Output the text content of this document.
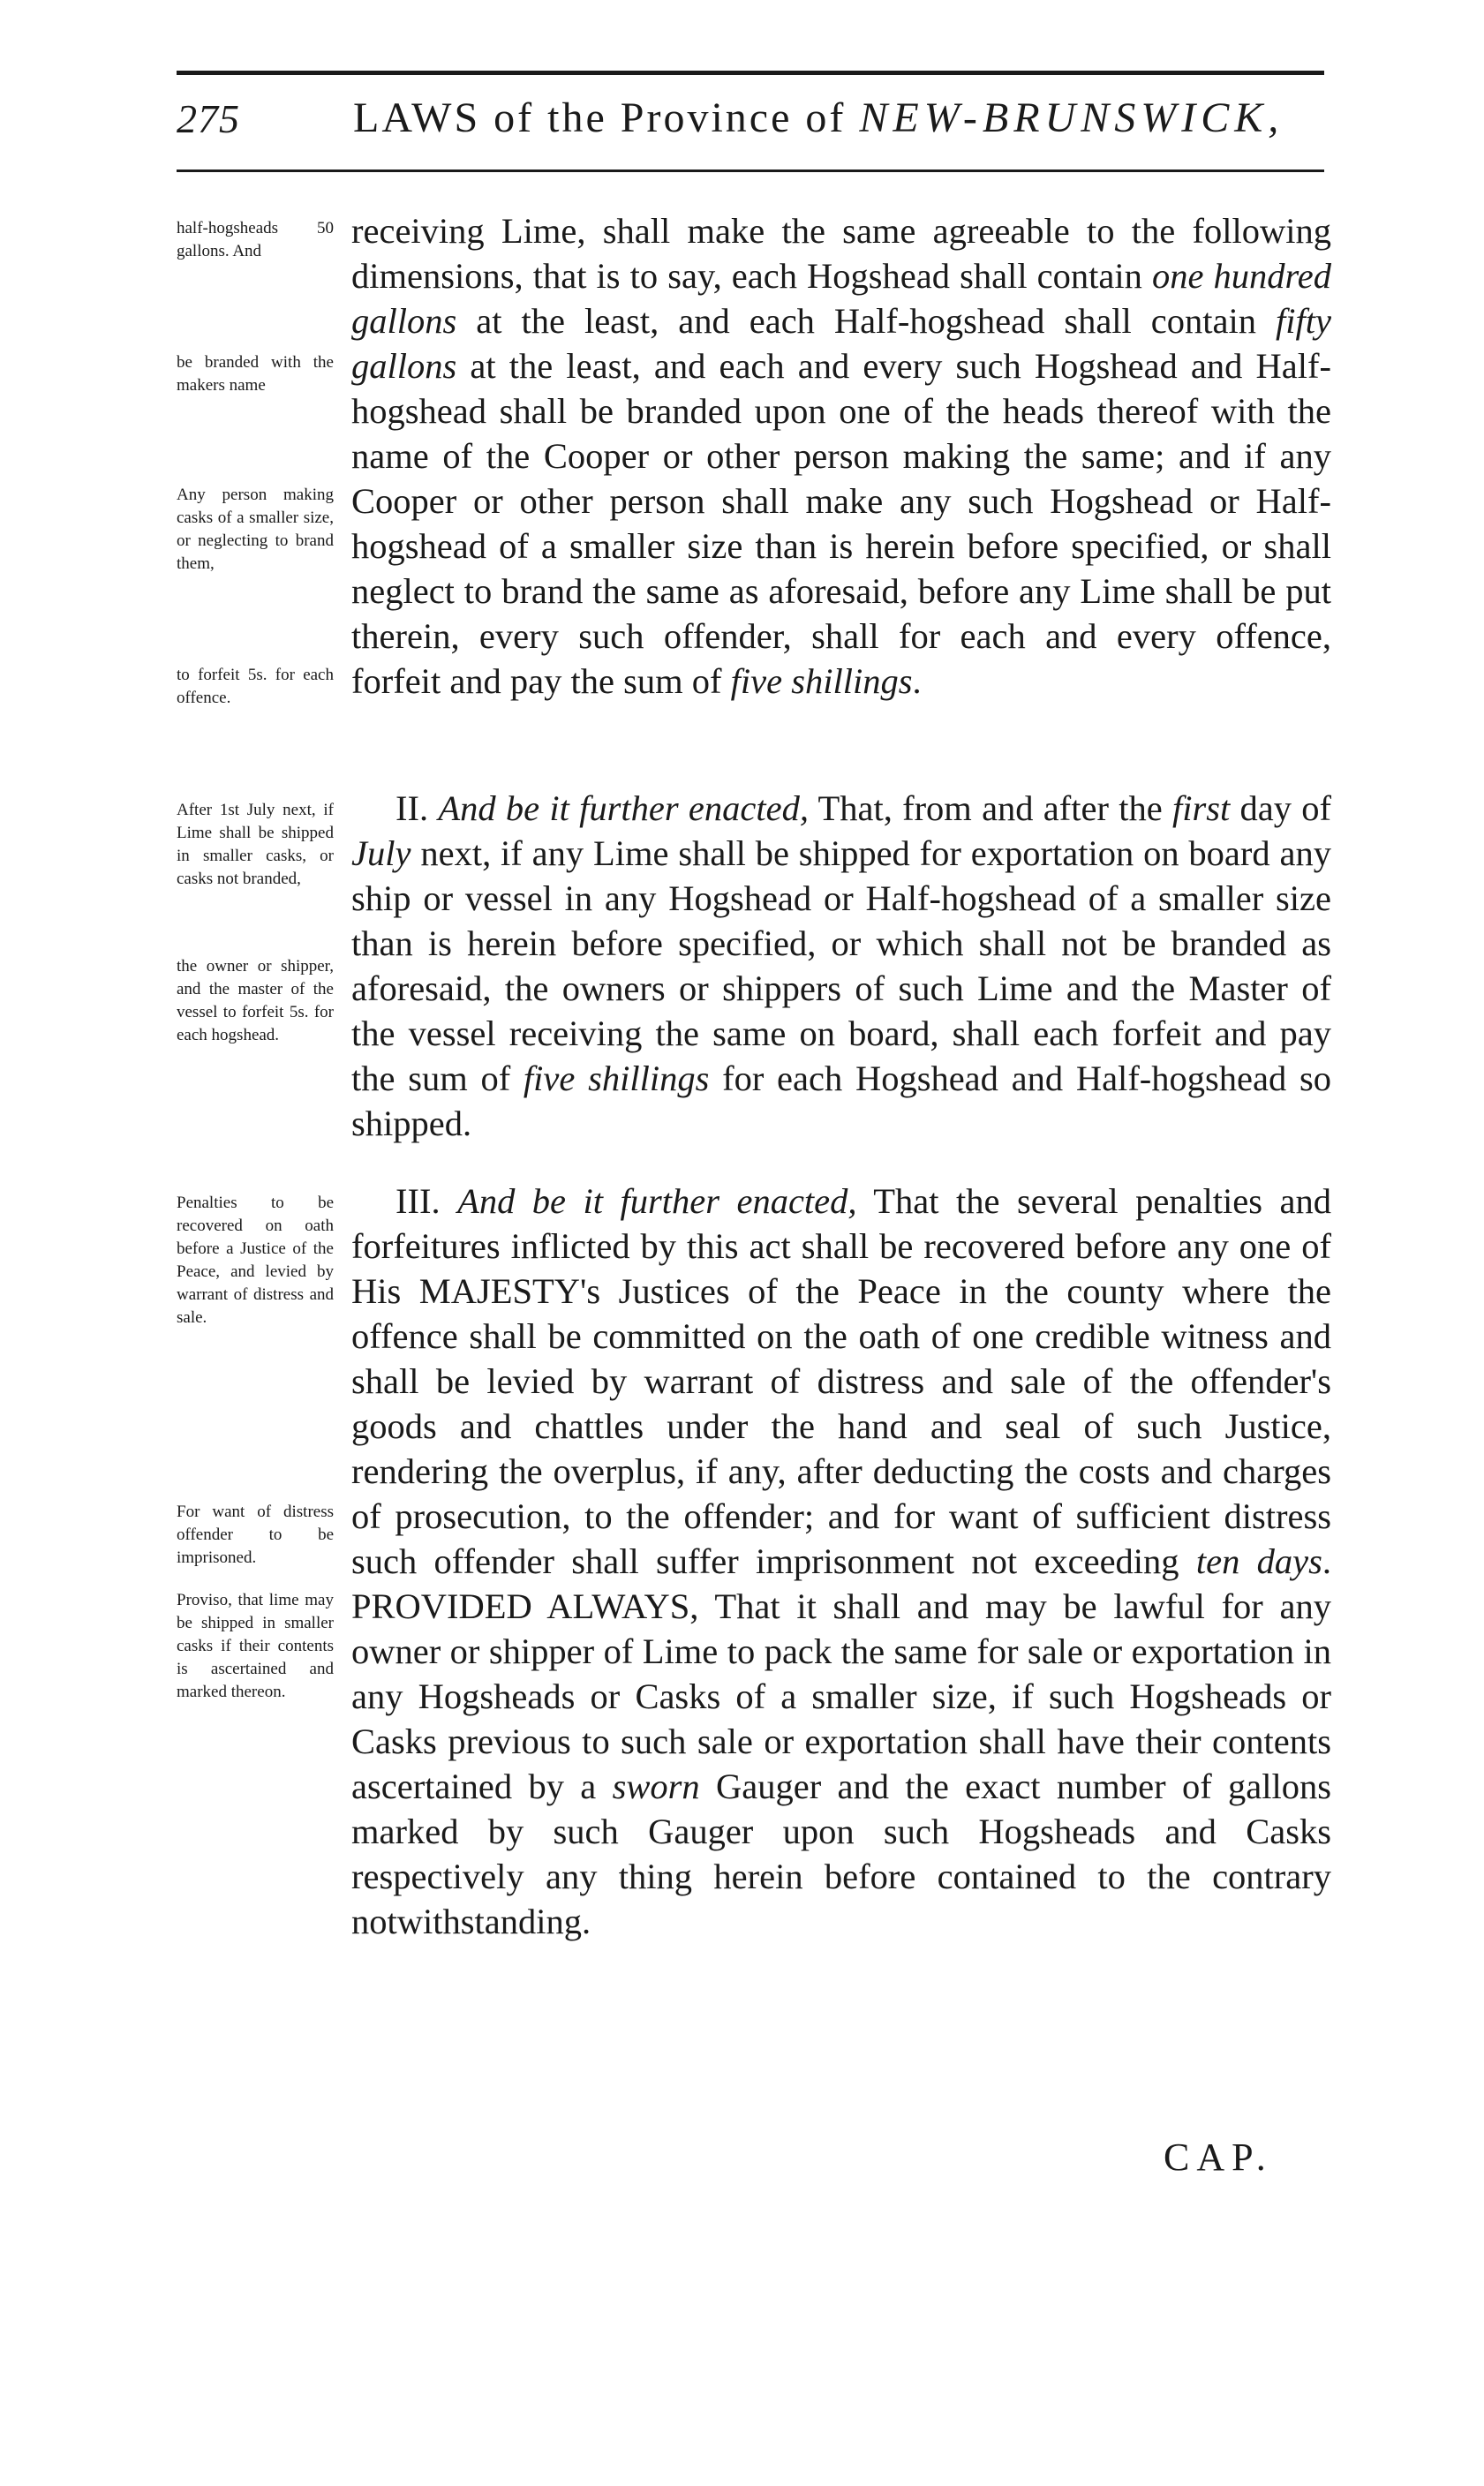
275	LAWS of the Province of NEW-BRUNSWICK,
half-hogsheads 50 gallons. And
be branded with the makers name
Any person making casks of a smaller size, or neglecting to brand them,
to forfeit 5s. for each offence.
After 1st July next, if Lime shall be shipped in smaller casks, or casks not branded,
the owner or shipper, and the master of the vessel to forfeit 5s. for each hogshead.
Penalties to be recovered on oath before a Justice of the Peace, and levied by warrant of distress and sale.
For want of distress offender to be imprisoned.
Proviso, that lime may be shipped in smaller casks if their contents is ascertained and marked thereon.
receiving Lime, shall make the same agreeable to the following dimensions, that is to say, each Hogshead shall contain one hundred gallons at the least, and each Half-hogshead shall contain fifty gallons at the least, and each and every such Hogshead and Half-hogshead shall be branded upon one of the heads thereof with the name of the Cooper or other person making the same; and if any Cooper or other person shall make any such Hogshead or Half-hogshead of a smaller size than is herein before specified, or shall neglect to brand the same as aforesaid, before any Lime shall be put therein, every such offender, shall for each and every offence, forfeit and pay the sum of five shillings.
II. And be it further enacted, That, from and after the first day of July next, if any Lime shall be shipped for exportation on board any ship or vessel in any Hogshead or Half-hogshead of a smaller size than is herein before specified, or which shall not be branded as aforesaid, the owners or shippers of such Lime and the Master of the vessel receiving the same on board, shall each forfeit and pay the sum of five shillings for each Hogshead and Half-hogshead so shipped.
III. And be it further enacted, That the several penalties and forfeitures inflicted by this act shall be recovered before any one of His MAJESTY's Justices of the Peace in the county where the offence shall be committed on the oath of one credible witness and shall be levied by warrant of distress and sale of the offender's goods and chattles under the hand and seal of such Justice, rendering the overplus, if any, after deducting the costs and charges of prosecution, to the offender; and for want of sufficient distress such offender shall suffer imprisonment not exceeding ten days. PROVIDED ALWAYS, That it shall and may be lawful for any owner or shipper of Lime to pack the same for sale or exportation in any Hogsheads or Casks of a smaller size, if such Hogsheads or Casks previous to such sale or exportation shall have their contents ascertained by a sworn Gauger and the exact number of gallons marked by such Gauger upon such Hogsheads and Casks respectively any thing herein before contained to the contrary notwithstanding.
CAP.
